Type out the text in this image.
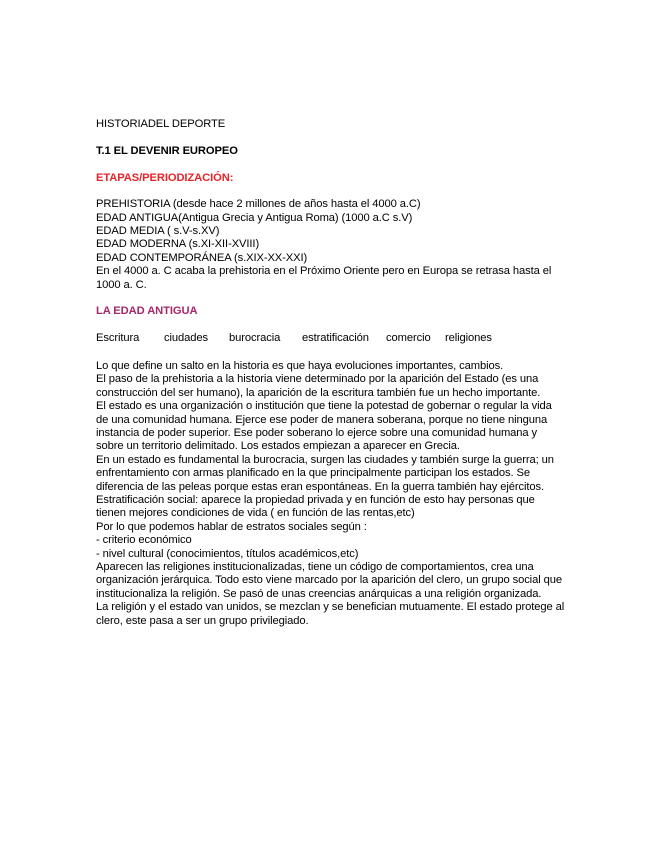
HISTORIADEL DEPORTE
T.1 EL DEVENIR EUROPEO
ETAPAS/PERIODIZACIÓN:
PREHISTORIA (desde hace 2 millones de años hasta el 4000 a.C)
EDAD ANTIGUA(Antigua Grecia y Antigua Roma) (1000 a.C s.V)
EDAD MEDIA ( s.V-s.XV)
EDAD MODERNA (s.XI-XII-XVIII)
EDAD CONTEMPORÁNEA (s.XIX-XX-XXI)
En el 4000 a. C acaba la prehistoria en el Próximo Oriente pero en Europa se retrasa hasta el 1000 a. C.
LA EDAD ANTIGUA
Escritura	ciudades	burocracia	estratificación	comercio	religiones

Lo que define un salto en la historia es que haya evoluciones importantes, cambios.

El paso de la prehistoria a la historia viene determinado por la aparición del Estado (es una construcción del ser humano), la aparición de la escritura también fue un hecho importante.

El estado es una organización o institución que tiene la potestad de gobernar o regular la vida de una comunidad humana. Ejerce ese poder de manera soberana, porque no tiene ninguna instancia de poder superior. Ese poder soberano lo ejerce sobre una comunidad humana y sobre un territorio delimitado. Los estados empiezan a aparecer en Grecia.

En un estado es fundamental la burocracia, surgen las ciudades y también surge la guerra; un enfrentamiento con armas planificado en la que principalmente participan los estados. Se diferencia de las peleas porque estas eran espontáneas. En la guerra también hay ejércitos.

Estratificación social: aparece la propiedad privada y en función de esto hay personas que tienen mejores condiciones de vida ( en función de las rentas,etc)

Por lo que podemos hablar de estratos sociales según :

- criterio económico

- nivel cultural (conocimientos, títulos académicos,etc)

Aparecen las religiones institucionalizadas, tiene un código de comportamientos, crea una organización jerárquica. Todo esto viene marcado por la aparición del clero, un grupo social que institucionaliza la religión. Se pasó de unas creencias anárquicas a una religión organizada.

La religión y el estado van unidos, se mezclan y se benefician mutuamente. El estado protege al clero, este pasa a ser un grupo privilegiado.
